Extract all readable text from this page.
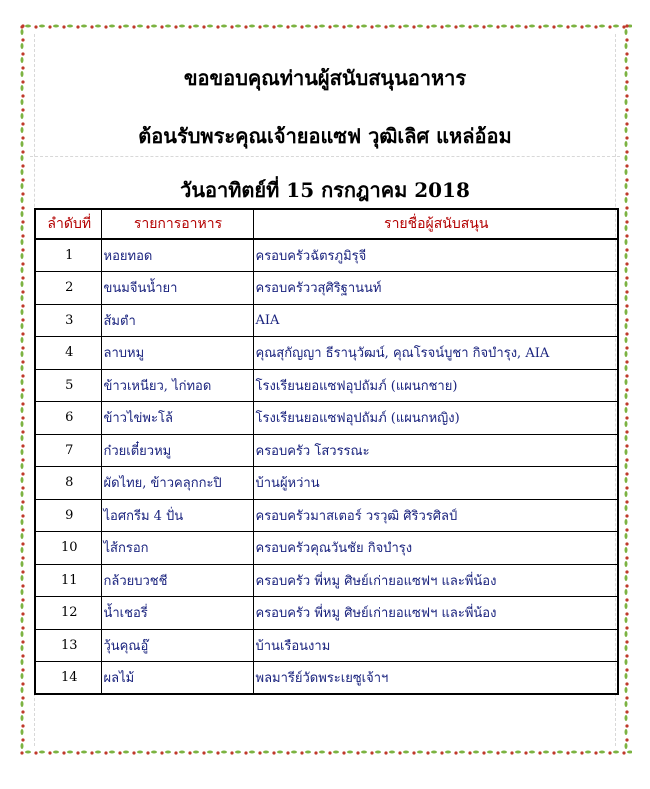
ขอขอบคุณท่านผู้สนับสนุนอาหาร
ต้อนรับพระคุณเจ้ายอแซฟ วุฒิเลิศ แหล่อ้อม
วันอาทิตย์ที่ 15 กรกฎาคม 2018
ลำดับที่	รายการอาหาร	รายชื่อผู้สนับสนุน
1	หอยทอด	ครอบครัวฉัตรภูมิรุจี
2	ขนมจีนน้ำยา	ครอบครัววสุศิริฐานนท์
3	ส้มตำ	AIA
4	ลาบหมู	คุณสุกัญญา ธีรานุวัฒน์, คุณโรจน์บูชา กิจบำรุง, AIA
5	ข้าวเหนียว, ไก่ทอด	โรงเรียนยอแซฟอุปถัมภ์ (แผนกชาย)
6	ข้าวไข่พะโล้	โรงเรียนยอแซฟอุปถัมภ์ (แผนกหญิง)
7	ก๋วยเตี๋ยวหมู	ครอบครัว โสวรรณะ
8	ผัดไทย, ข้าวคลุกกะปิ	บ้านผู้หว่าน
9	ไอศกรีม 4 ปั่น	ครอบครัวมาสเตอร์ วรวุฒิ ศิริวรศิลป์
10	ไส้กรอก	ครอบครัวคุณวันชัย กิจบำรุง
11	กล้วยบวชชี	ครอบครัว พี่หมู ศิษย์เก่ายอแซฟฯ และพี่น้อง
12	น้ำเชอรี่	ครอบครัว พี่หมู ศิษย์เก่ายอแซฟฯ และพี่น้อง
13	วุ้นคุณอู๊	บ้านเรือนงาม
14	ผลไม้	พลมารีย์วัดพระเยซูเจ้าฯ
